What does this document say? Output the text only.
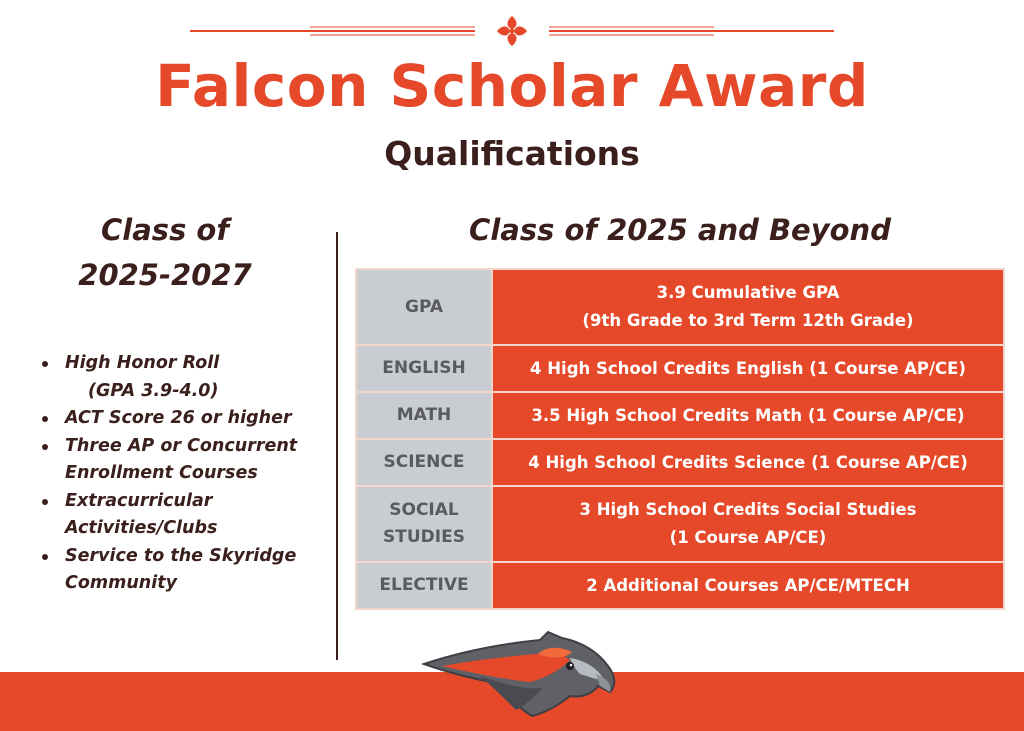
Falcon Scholar Award
Qualifications
Class of
2025-2027
High Honor Roll
(GPA 3.9-4.0)
ACT Score 26 or higher
Three AP or Concurrent
Enrollment Courses
Extracurricular
Activities/Clubs
Service to the Skyridge
Community
Class of 2025 and Beyond
GPA	3.9 Cumulative GPA
(9th Grade to 3rd Term 12th Grade)

ENGLISH	4 High School Credits English (1 Course AP/CE)
MATH	3.5 High School Credits Math (1 Course AP/CE)
SCIENCE	4 High School Credits Science (1 Course AP/CE)

SOCIAL
STUDIES	3 High School Credits Social Studies
(1 Course AP/CE)

ELECTIVE	2 Additional Courses AP/CE/MTECH
